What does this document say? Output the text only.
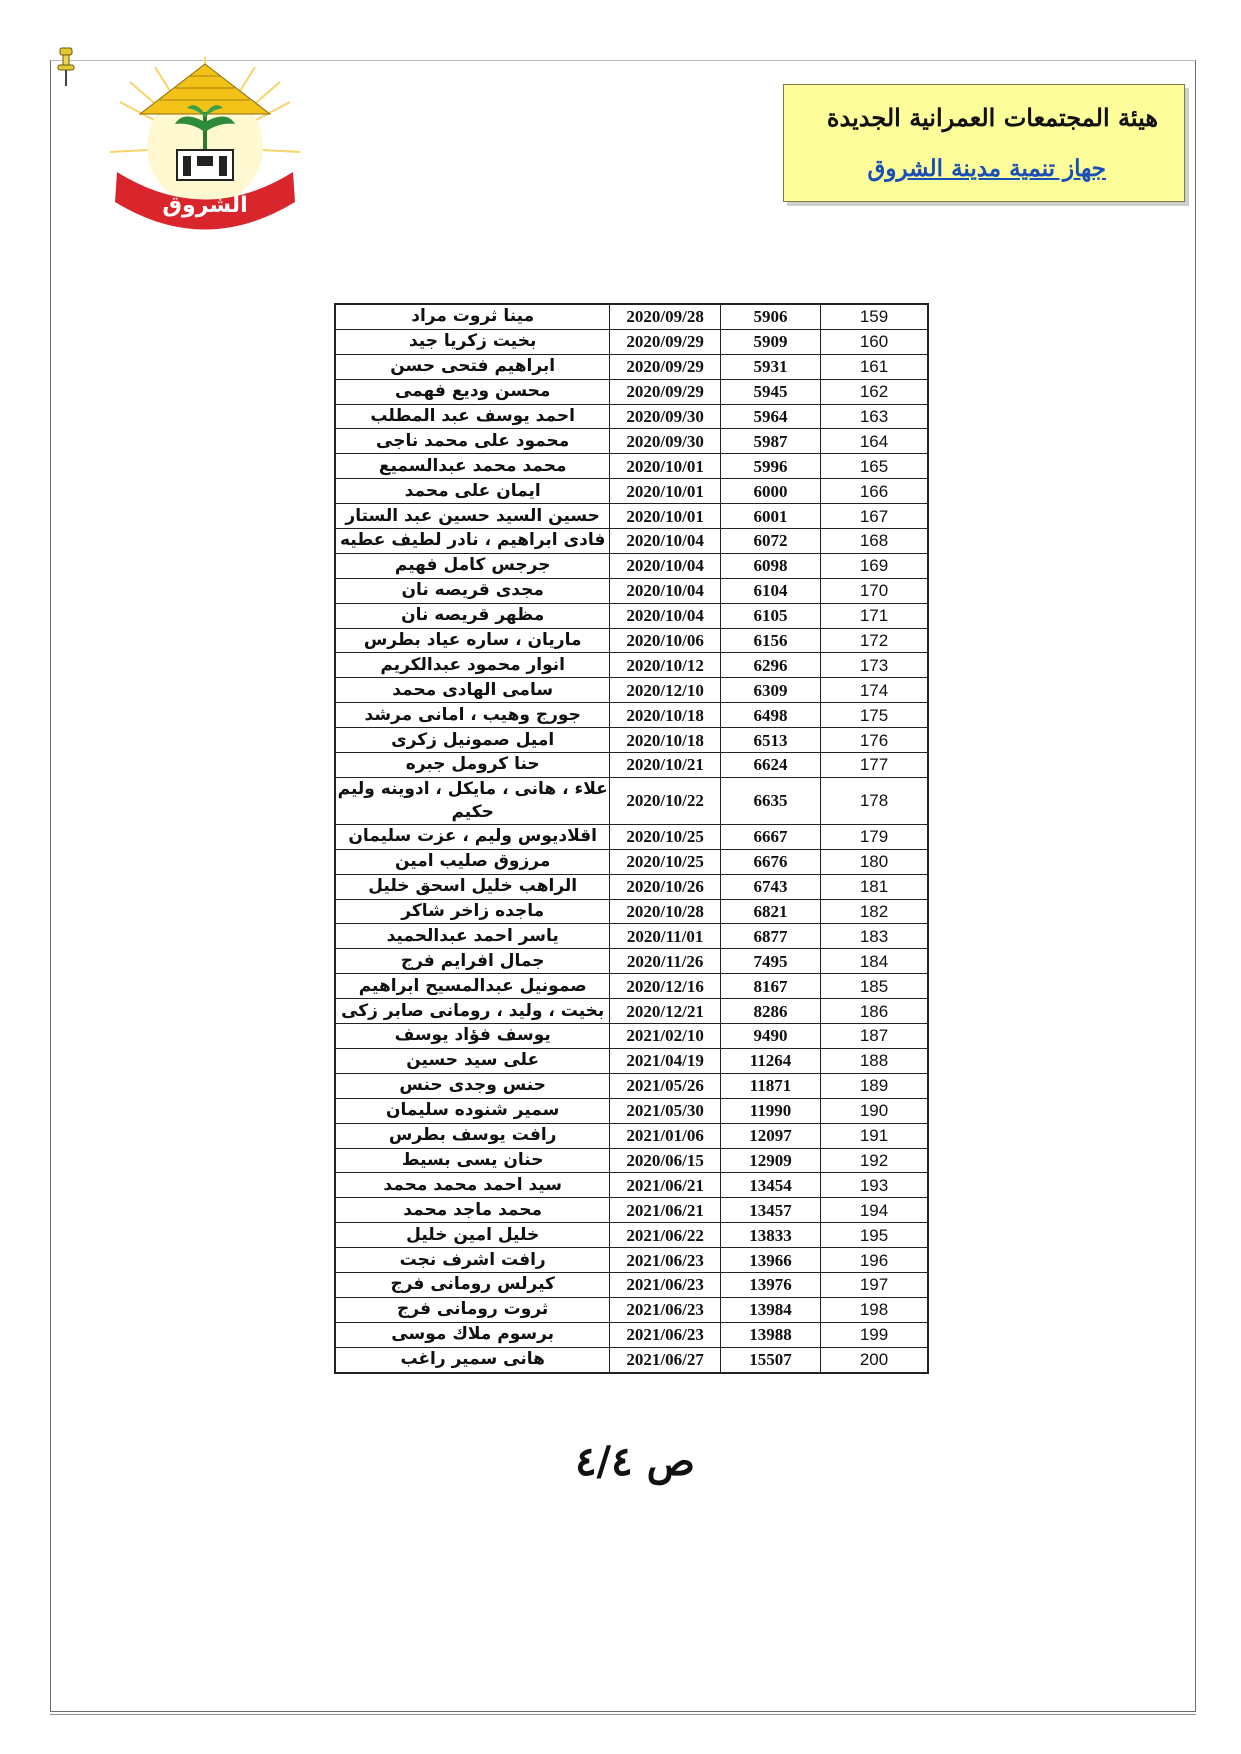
الشروق
هيئة المجتمعات العمرانية الجديدة
جهاز تنمية مدينة الشروق
مينا ثروت مراد	2020/09/28	5906	159
بخيت زكريا جيد	2020/09/29	5909	160
ابراهيم فتحى حسن	2020/09/29	5931	161
محسن وديع فهمى	2020/09/29	5945	162
احمد يوسف عبد المطلب	2020/09/30	5964	163
محمود على محمد ناجى	2020/09/30	5987	164
محمد محمد عبدالسميع	2020/10/01	5996	165
ايمان على محمد	2020/10/01	6000	166
حسين السيد حسين عبد الستار	2020/10/01	6001	167
فادى ابراهيم ، نادر لطيف عطيه	2020/10/04	6072	168
جرجس كامل فهيم	2020/10/04	6098	169
مجدى قريصه نان	2020/10/04	6104	170
مظهر قريصه نان	2020/10/04	6105	171
ماريان ، ساره عياد بطرس	2020/10/06	6156	172
انوار محمود عبدالكريم	2020/10/12	6296	173
سامى الهادى محمد	2020/12/10	6309	174
جورج وهيب ، امانى مرشد	2020/10/18	6498	175
اميل صمونيل زكرى	2020/10/18	6513	176
حنا كرومل جبره	2020/10/21	6624	177
علاء ، هانى ، مايكل ، ادوينه وليم حكيم	2020/10/22	6635	178
اقلاديوس وليم ، عزت سليمان	2020/10/25	6667	179
مرزوق صليب امين	2020/10/25	6676	180
الراهب خليل اسحق خليل	2020/10/26	6743	181
ماجده زاخر شاكر	2020/10/28	6821	182
ياسر احمد عبدالحميد	2020/11/01	6877	183
جمال افرايم فرج	2020/11/26	7495	184
صمونيل عبدالمسيح ابراهيم	2020/12/16	8167	185
بخيت ، وليد ، رومانى صابر زكى	2020/12/21	8286	186
يوسف فؤاد يوسف	2021/02/10	9490	187
على سيد حسين	2021/04/19	11264	188
حنس وجدى حنس	2021/05/26	11871	189
سمير شنوده سليمان	2021/05/30	11990	190
رافت يوسف بطرس	2021/01/06	12097	191
حنان يسى بسيط	2020/06/15	12909	192
سيد احمد محمد محمد	2021/06/21	13454	193
محمد ماجد محمد	2021/06/21	13457	194
خليل امين خليل	2021/06/22	13833	195
رافت اشرف نجت	2021/06/23	13966	196
كيرلس رومانى فرج	2021/06/23	13976	197
ثروت رومانى فرج	2021/06/23	13984	198
برسوم ملاك موسى	2021/06/23	13988	199
هانى سمير راغب	2021/06/27	15507	200
ص ٤/٤
